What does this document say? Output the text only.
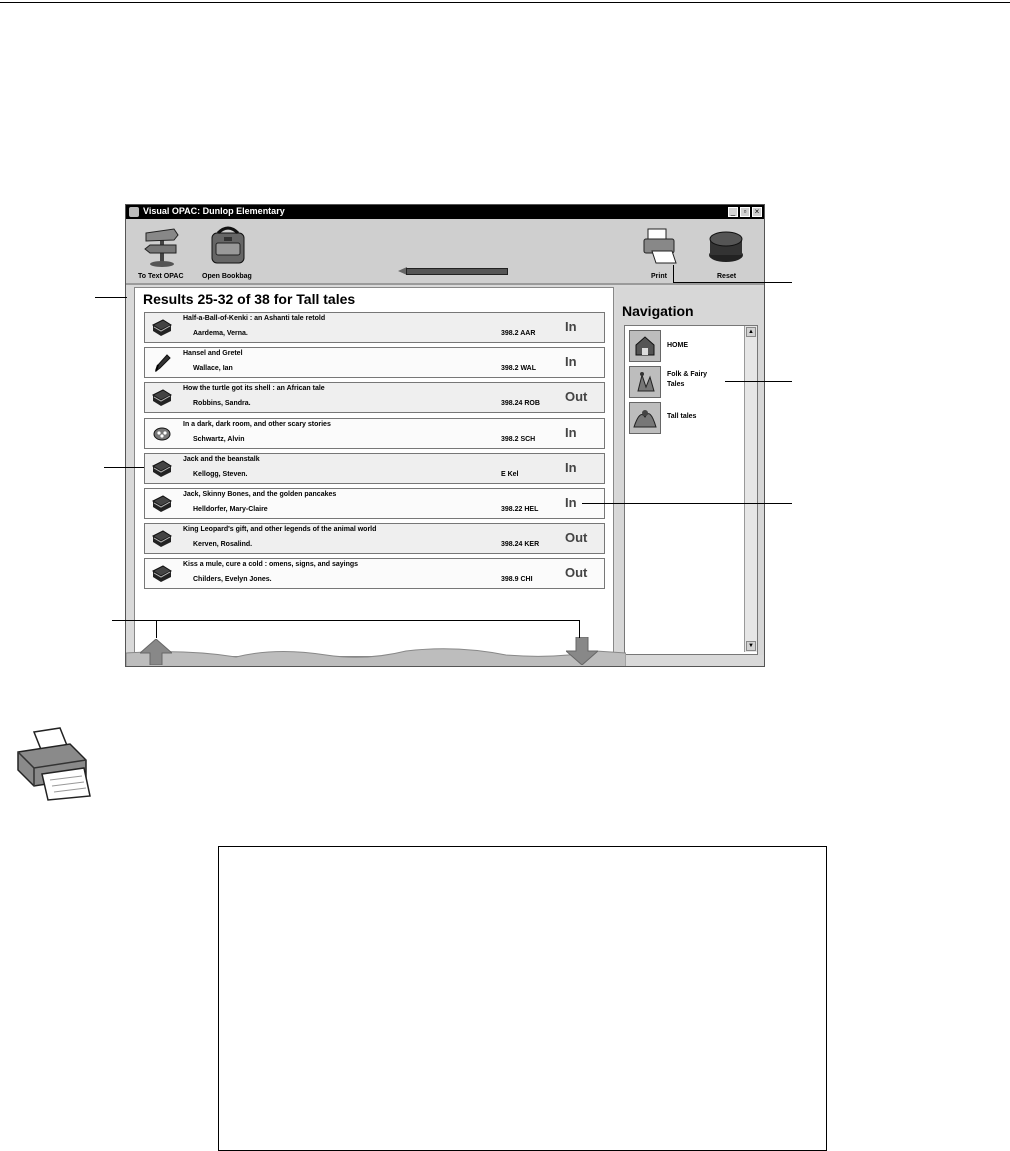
Visual OPAC: Dunlop Elementary	_	▫	×
To Text OPAC	Open Bookbag	Print	Reset
Results 25-32 of 38 for Tall tales
Half-a-Ball-of-Kenki : an Ashanti tale retold
Aardema, Verna.	398.2 AAR In
Hansel and Gretel
Wallace, Ian	398.2 WAL In
How the turtle got its shell : an African tale
Robbins, Sandra.	398.24 ROB Out
In a dark, dark room, and other scary stories
Schwartz, Alvin	398.2 SCH In
Jack and the beanstalk
Kellogg, Steven.	E Kel	In
Jack, Skinny Bones, and the golden pancakes
Helldorfer, Mary-Claire	398.22 HEL In
King Leopard's gift, and other legends of the animal world
Kerven, Rosalind.	398.24 KER Out
Kiss a mule, cure a cold : omens, signs, and sayings
Childers, Evelyn Jones.	398.9 CHI Out
Navigation
HOME
Folk & Fairy
Tales
Tall tales
▲
▼
